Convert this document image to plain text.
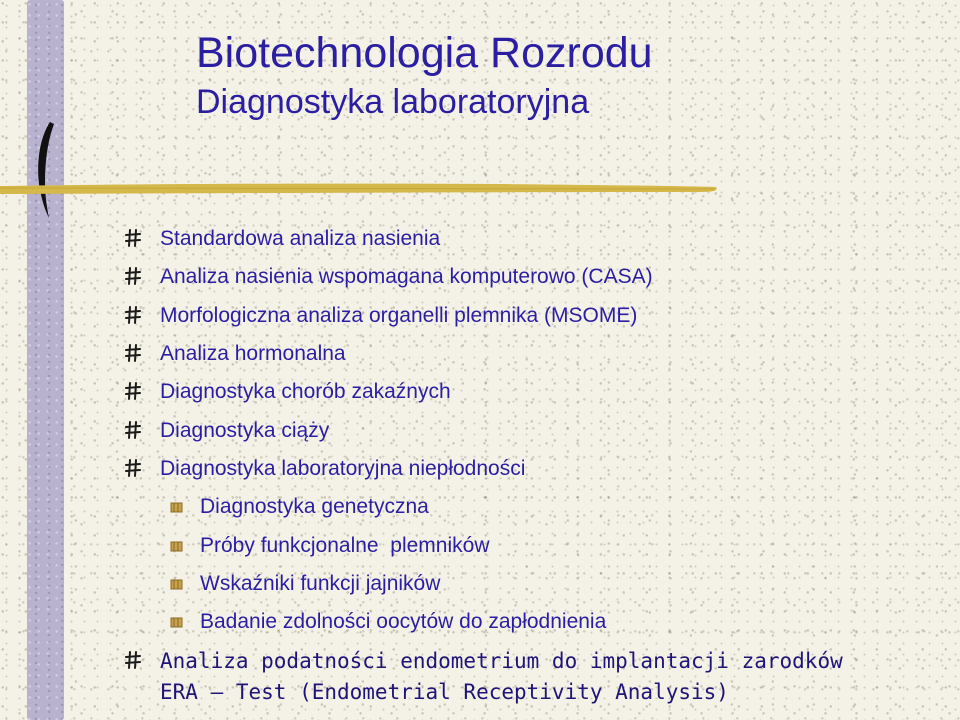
Biotechnologia Rozrodu
Diagnostyka laboratoryjna
Standardowa analiza nasienia
Analiza nasienia wspomagana komputerowo (CASA)
Morfologiczna analiza organelli plemnika (MSOME)
Analiza hormonalna
Diagnostyka chorób zakaźnych
Diagnostyka ciąży
Diagnostyka laboratoryjna niepłodności
Diagnostyka genetyczna
Próby funkcjonalne  plemników
Wskaźniki funkcji jajników
Badanie zdolności oocytów do zapłodnienia
Analiza podatności endometrium do implantacji zarodków
ERA – Test (Endometrial Receptivity Analysis)
